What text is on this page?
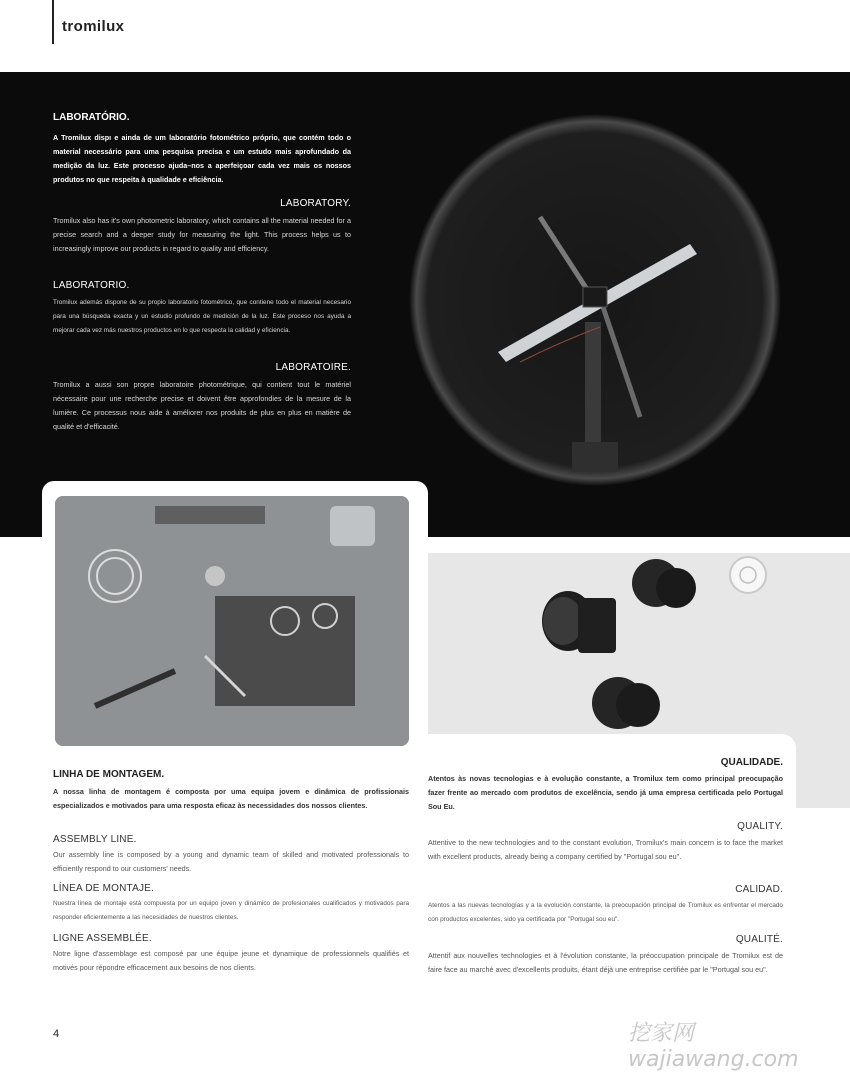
tromilux
LABORATÓRIO.
A Tromilux dispı e ainda de um laboratório fotométrico próprio, que contém todo o material necessário para uma pesquisa precisa e um estudo mais aprofundado da medição da luz. Este processo ajuda–nos a aperfeiçoar cada vez mais os nossos produtos no que respeita à qualidade e eficiência.
LABORATORY.
Tromilux also has it's own photometric laboratory, which contains all the material needed for a precise search and a deeper study for measuring the light. This process helps us to increasingly improve our products in regard to quality and efficiency.
LABORATORIO.
Tromilux además dispone de su propio laboratorio fotométrico, que contiene todo el material necesario para una búsqueda exacta y un estudio profundo de medición de la luz. Este proceso nos ayuda a mejorar cada vez más nuestros productos en lo que respecta la calidad y eficiencia.
LABORATOIRE.
Tromilux a aussi son propre laboratoire photométrique, qui contient tout le matériel nécessaire pour une recherche precise et doivent être approfondies de la mesure de la lumière. Ce processus nous aide à améliorer nos produits de plus en plus en matière de qualité et d'efficacité.
QUALIDADE.
Atentos às novas tecnologias e à evolução constante, a Tromilux tem como principal preocupação fazer frente ao mercado com produtos de excelência, sendo já uma empresa certificada pelo Portugal Sou Eu.
QUALITY.
Attentive to the new technologies and to the constant evolution, Tromilux's main concern is to face the market with excellent products, already being a company certified by "Portugal sou eu".
CALIDAD.
Atentos a las nuevas tecnologías y a la evolución constante, la preocupación principal de Tromilux es enfrentar el mercado con productos excelentes, sido ya certificada por "Portugal sou eu".
QUALITÉ.
Attentif aux nouvelles technologies et à l'évolution constante, la préoccupation principale de Tromilux est de faire face au marché avec d'excellents produits, étant déjà une entreprise certifiée par le "Portugal sou eu".
LINHA DE MONTAGEM.
A nossa linha de montagem é composta por uma equipa jovem e dinâmica de profissionais especializados e motivados para uma resposta eficaz às necessidades dos nossos clientes.
ASSEMBLY LINE.
Our assembly line is composed by a young and dynamic team of skilled and motivated professionals to efficiently respond to our customers' needs.
LÍNEA DE MONTAJE.
Nuestra línea de montaje está compuesta por un equipo joven y dinámico de profesionales cualificados y motivados para responder eficientemente a las necesidades de nuestros clientes.
LIGNE ASSEMBLÉE.
Notre ligne d'assemblage est composé par une équipe jeune et dynamique de professionnels qualifiés et motivés pour répondre efficacement aux besoins de nos clients.
4	挖家网 wajiawang.com
